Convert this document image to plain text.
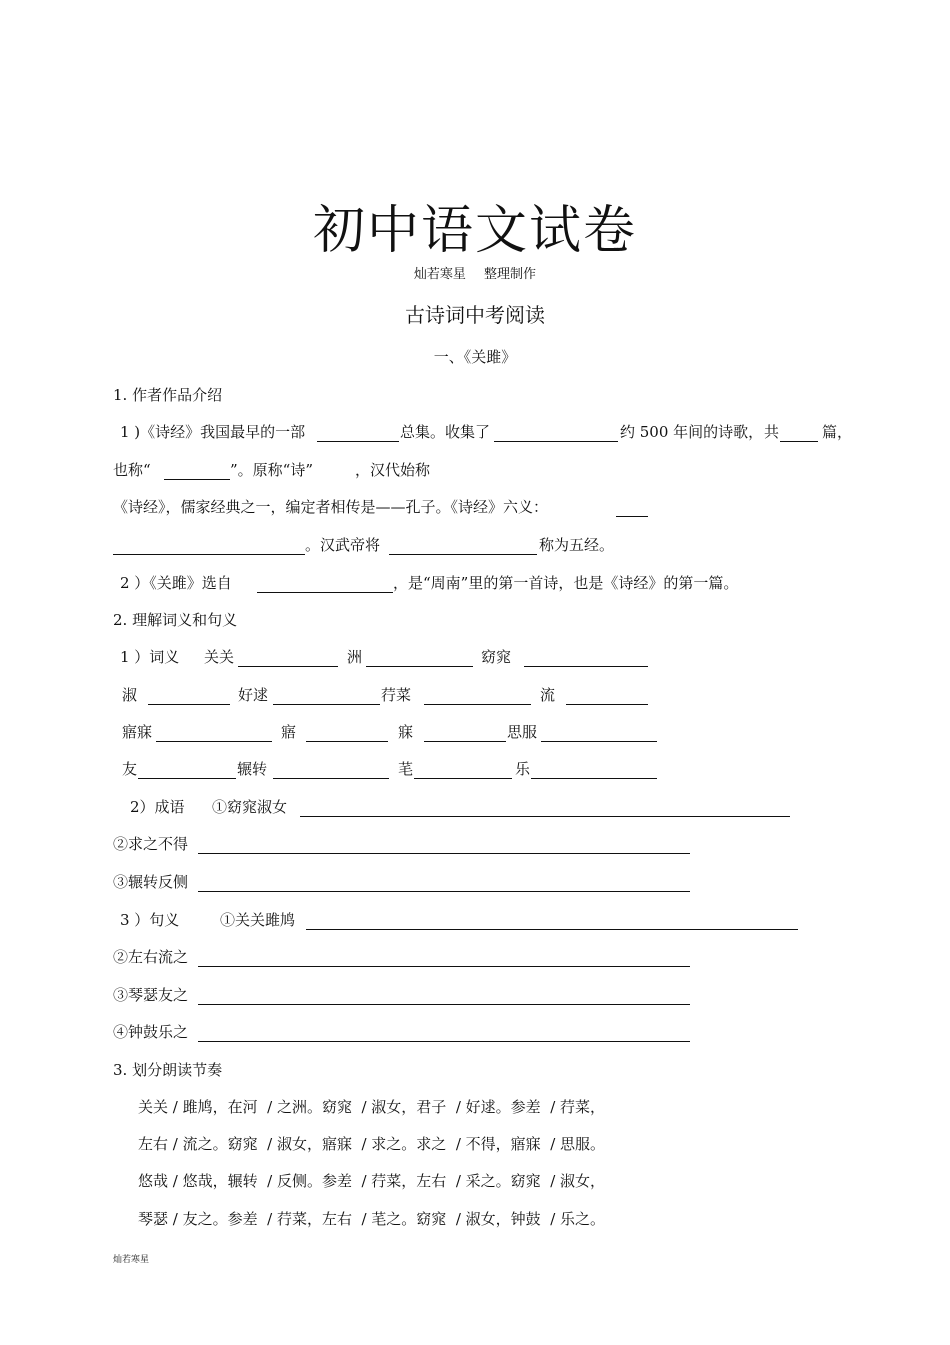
初中语文试卷
灿若寒星 整理制作
古诗词中考阅读
一、《关雎》
1. 作者作品介绍
1 )《诗经》我国最早的一部	总集。收集了	约 500 年间的诗歌， 共	篇，
也称“	”。原称“诗”	，汉代始称
《诗经》，儒家经典之一，编定者相传是——孔子。《诗经》六义：
。汉武帝将	称为五经。
2 ）《关雎》选自	，是“周南”里的第一首诗，也是《诗经》的第一篇。
2. 理解词义和句义
1 ）词义 关关	洲	窈窕
淑	好逑	荇菜	流
寤寐	寤	寐	思服
友	辗转	芼	乐
2）成语 ①窈窕淑女
②求之不得
③辗转反侧
3 ）句义	①关关雎鸠
②左右流之
③琴瑟友之
④钟鼓乐之
3. 划分朗读节奏
关关 / 雎鸠，在河  / 之洲。窈窕  / 淑女，君子  / 好逑。参差  / 荇菜，
左右 / 流之。窈窕  / 淑女，寤寐  / 求之。求之  / 不得，寤寐  / 思服。
悠哉 / 悠哉，辗转  / 反侧。参差  / 荇菜，左右  / 采之。窈窕  / 淑女，
琴瑟 / 友之。参差  / 荇菜，左右  / 芼之。窈窕  / 淑女，钟鼓  / 乐之。
灿若寒星
